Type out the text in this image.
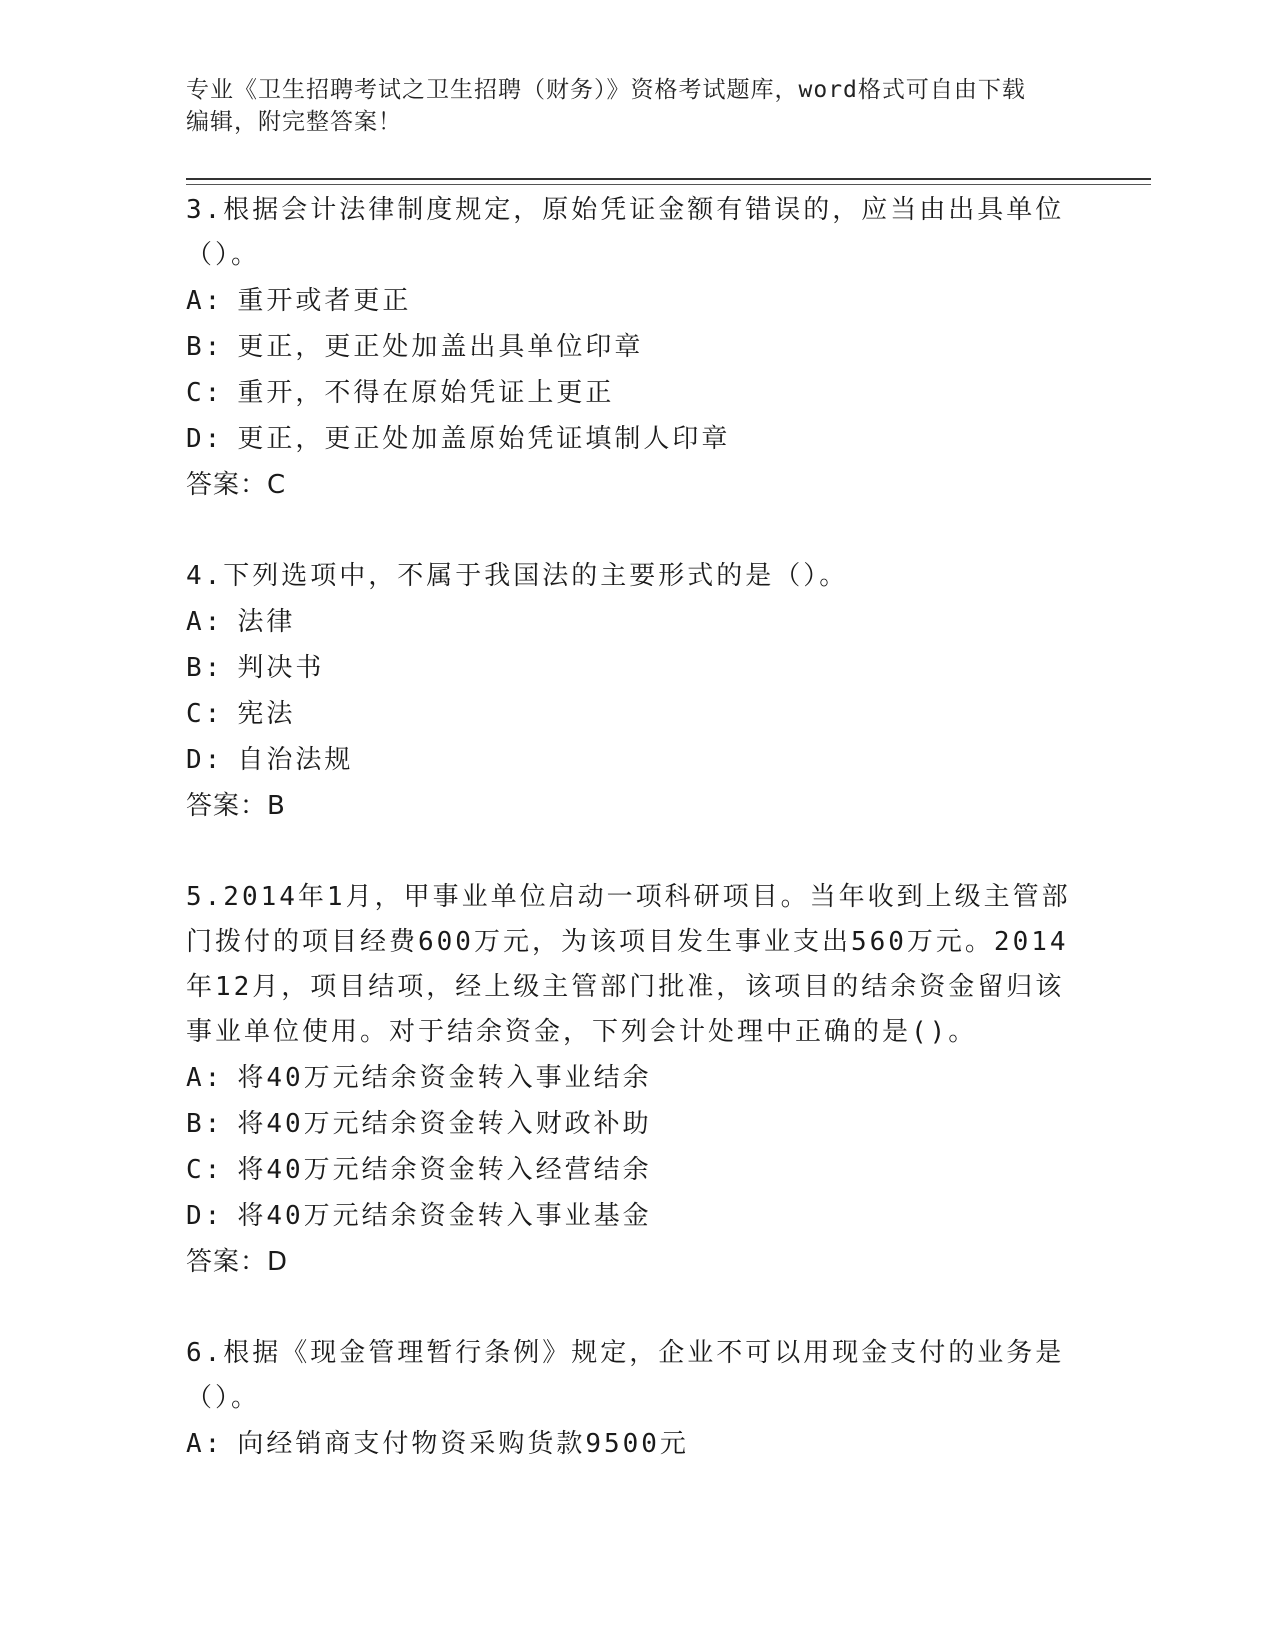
专业《卫生招聘考试之卫生招聘（财务）》资格考试题库，word格式可自由下载
编辑，附完整答案！
3.根据会计法律制度规定，原始凭证金额有错误的，应当由出具单位
（）。
A: 重开或者更正
B: 更正，更正处加盖出具单位印章
C: 重开，不得在原始凭证上更正
D: 更正，更正处加盖原始凭证填制人印章
答案：C
4.下列选项中，不属于我国法的主要形式的是（）。
A: 法律
B: 判决书
C: 宪法
D: 自治法规
答案：B
5.2014年1月，甲事业单位启动一项科研项目。当年收到上级主管部
门拨付的项目经费600万元，为该项目发生事业支出560万元。2014
年12月，项目结项，经上级主管部门批准，该项目的结余资金留归该
事业单位使用。对于结余资金，下列会计处理中正确的是()。
A: 将40万元结余资金转入事业结余
B: 将40万元结余资金转入财政补助
C: 将40万元结余资金转入经营结余
D: 将40万元结余资金转入事业基金
答案：D
6.根据《现金管理暂行条例》规定，企业不可以用现金支付的业务是
（）。
A: 向经销商支付物资采购货款9500元
